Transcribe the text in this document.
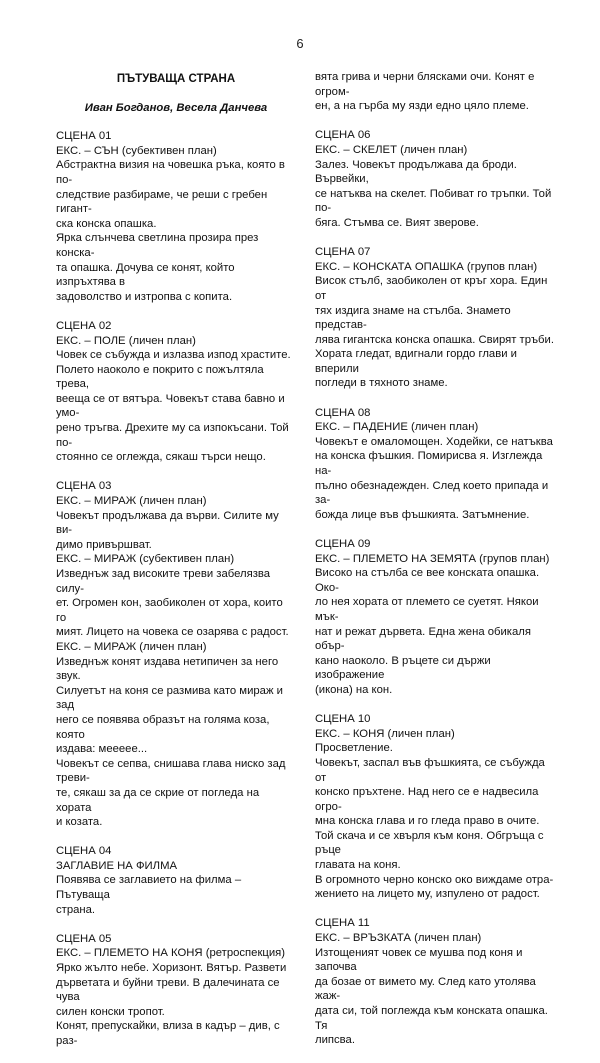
6
ПЪТУВАЩА СТРАНА
Иван Богданов, Весела Данчева

СЦЕНА 01

ЕКС. – СЪН (субективен план)

Абстрактна визия на човешка ръка, която в по-

следствие разбираме, че реши с гребен гигант-

ска конска опашка.

Ярка слънчева светлина прозира през конска-

та опашка. Дочува се конят, който изпръхтява в

задоволство и изтропва с копита.

СЦЕНА 02

ЕКС. – ПОЛЕ (личен план)

Човек се събужда и излазва изпод храстите.

Полето наоколо е покрито с пожълтяла трева,

веещa се от вятъра. Човекът става бавно и умо-

рено тръгва. Дрехите му са изпокъсани. Той по-

стоянно се оглежда, сякаш търси нещо.

СЦЕНА 03

ЕКС. – МИРАЖ (личен план)

Човекът продължава да върви. Силите му ви-

димо привършват.

ЕКС. – МИРАЖ (субективен план)

Изведнъж зад високите треви забелязва силу-

ет. Огромен кон, заобиколен от хора, които го

мият. Лицето на човека се озарява с радост.

ЕКС. – МИРАЖ (личен план)

Изведнъж конят издава нетипичен за него звук.

Силуетът на коня се размива като мираж и зад

него се появява образът на голяма коза, която

издава: мееееe...

Човекът се сепва, снишава глава ниско зад треви-

те, сякаш за да се скрие от погледа на хората

и козата.

СЦЕНА 04

ЗАГЛАВИЕ НА ФИЛМА

Появява се заглавието на филма – Пътуваща

страна.

СЦЕНА 05

ЕКС. – ПЛЕМЕТО НА КОНЯ (ретроспекция)

Ярко жълто небе. Хоризонт. Вятър. Развети

дърветата и буйни треви. В далечината се чува

силен конски тропот.

Конят, препускайки, влиза в кадър – див, с раз-

вята грива и черни блясками очи. Конят е огром-

ен, а на гърба му язди едно цяло племе.

СЦЕНА 06

ЕКС. – СКЕЛЕТ (личен план)

Залез. Човекът продължава да броди. Вървейки,

се натъква на скелет. Побиват го тръпки. Той по-

бяга. Стъмва се. Вият зверове.

СЦЕНА 07

ЕКС. – КОНСКАТА ОПАШКА (групов план)

Висок стълб, заобиколен от кръг хора. Един от

тях издига знаме на стълба. Знамето представ-

лява гигантска конска опашка. Свирят тръби.

Хората гледат, вдигнали гордо глави и вперили

погледи в тяхното знаме.

СЦЕНА 08

ЕКС. – ПАДЕНИЕ (личен план)

Човекът е омаломощен. Ходейки, се натъква

на конска фъшкия. Помирисва я. Изглежда на-

пълно обезнадежден. След което припада и за-

божда лице във фъшкията. Затъмнение.

СЦЕНА 09

ЕКС. – ПЛЕМЕТО НА ЗЕМЯТА (групов план)

Високо на стълба се вее конската опашка. Око-

ло нея хората от племето се суетят. Някои мък-

нат и режат дървета. Една жена обикаля обър-

кано наоколо. В ръцете си държи изображение

(икона) на кон.

СЦЕНА 10

ЕКС. – КОНЯ (личен план)

Просветление.

Човекът, заспал във фъшкията, се събужда от

конско пръхтене. Над него се е надвесила огро-

мна конска глава и го гледа право в очите.

Той скача и се хвърля към коня. Обгръща с ръце

главата на коня.

В огромното черно конско око виждаме отра-

жението на лицето му, изпулено от радост.

СЦЕНА 11

ЕКС. – ВРЪЗКАТА (личен план)

Изтощеният човек се мушва под коня и започва

да бозае от вимето му. След като утолява жаж-

дата си, той поглежда към конската опашка. Тя

липсва.
